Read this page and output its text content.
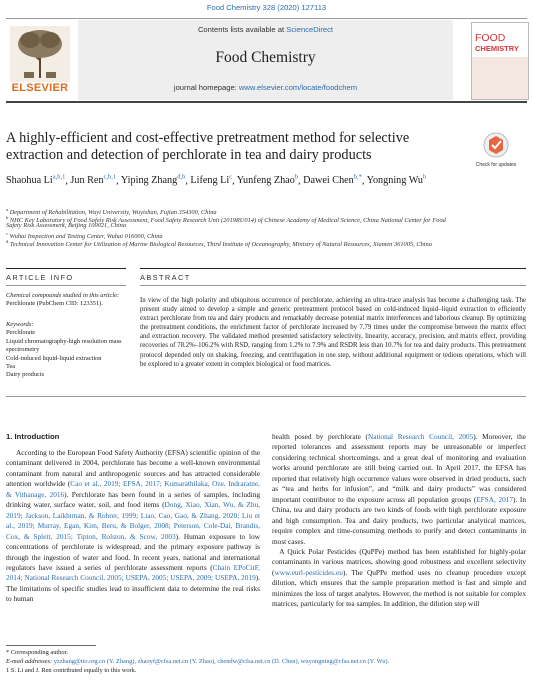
Food Chemistry 328 (2020) 127113
ELSEVIER
Contents lists available at ScienceDirect
Food Chemistry
journal homepage: www.elsevier.com/locate/foodchem
FOOD
CHEMISTRY
A highly-efficient and cost-effective pretreatment method for selective
extraction and detection of perchlorate in tea and dairy products
Check for updates
Shaohua Li$^{a,b,1}$, Jun Ren$^{c,b,1}$, Yiping Zhang$^{d,b}$, Lifeng Li$^c$, Yunfeng Zhao$^b$, Dawei Chen$^{b,*}$, Yongning Wu$^b$
$^a$ Department of Rehabilitation, Wuyi University, Wuyishan, Fujian 354300, China
$^b$ NHC Key Laboratory of Food Safety Risk Assessment, Food Safety Research Unit (2019RU014) of Chinese Academy of Medical Science, China National Center for Food
Safety Risk Assessment, Beijing 100021, China
$^c$ Wuhai Inspection and Testing Center, Wuhai 016000, China
$^d$ Technical Innovation Center for Utilization of Marine Biological Resources, Third Institute of Oceanography, Ministry of Natural Resources, Xiamen 361005, China
ARTICLE INFO
Chemical compounds studied in this article:
Perchlorate (PubChem CID: 123351).
Keywords:
Perchlorate
Liquid chromatography-high resolution mass
spectrometry
Cold-induced liquid-liquid extraction
Tea
Dairy products
ABSTRACT
In view of the high polarity and ubiquitous occurrence of perchlorate, achieving an ultra-trace analysis has become a challenging task. The present study aimed to develop a simple and generic pretreatment protocol based on cold-induced liquid–liquid extraction to efficiently extract perchlorate from tea and dairy products and remarkably decrease potential matrix interferences and laborious cleanup. By optimizing the pretreatment conditions, the enrichment factor of perchlorate increased by 7.79 times under the compromise between the matrix effect and extraction recovery. The validated method presented satisfactory selectivity, linearity, accuracy, precision, and matrix effect, providing recoveries of 78.2%–106.2% with RSD, ranging from 1.2% to 7.9% and RSDR less than 10.7% for tea and dairy products. This pretreatment protocol depended only on shaking, freezing, and centrifugation in one step, without additional equipment or tedious operations, which will be explored to a greater extent in complex biological or food matrices.
1. Introduction
According to the European Food Safety Authority (EFSA) scientific opinion of the contaminant delivered in 2004, perchlorate has become a well-known environmental contaminant from natural and anthropogenic sources and has attracted considerable attention worldwide (Cao et al., 2019; EFSA, 2017; Kumarathilaka, Oze, Indraratne, & Vithanage, 2016). Perchlorate has been found in a series of samples, including drinking water, surface water, soil, and food items (Dong, Xiao, Xian, Wu, & Zhu, 2019; Jackson, Laikhtman, & Rohrer, 1999; Liao, Cao, Gao, & Zhang, 2020; Liu et al., 2019; Murray, Egan, Kim, Beru, & Bolger, 2008; Peterson, Cole-Dai, Brandis, Cox, & Splett, 2015; Tipton, Rolston, & Scow, 2003). Human exposure to low concentrations of perchlorate is widespread, and the primary exposure pathway is through the ingestion of water and food. In recent years, national and international regulators have issued a series of perchlorate assessment reports (Chain EPoCitF, 2014; National Research Council, 2005; USEPA, 2005; USEPA, 2009; USEPA, 2019). The limitations of specific studies lead to insufficient data to determine the real risks to human
health posed by perchlorate (National Research Council, 2005). Moreover, the reported tolerances and assessment reports may be unreasonable or imperfect considering technical shortcomings, and a great deal of monitoring and evaluation works around perchlorate are still being carried out. In April 2017, the EFSA has reported that relatively high occurrence values were observed in dried products, such as “tea and herbs for infusion”, and “milk and dairy products” was considered important contributor to the exposure across all population groups (EFSA, 2017). In China, tea and dairy products are two kinds of foods with high perchlorate exposure and high consumption. Tea and dairy products, two particular analytical matrices, require complex and time-consuming methods to purify and detect contaminants in most cases.
 A Quick Polar Pesticides (QuPPe) method has been established for highly-polar contaminants in various matrices, showing good robustness and excellent selectivity (www.eurl-pesticides.eu). The QuPPe method uses no cleanup procedure except dilution, which ensures that the sample preparation method is fast and simple and minimizes the loss of target analytes. However, the method is not suitable for complex matrices, particularly for tea samples. In addition, the dilution step will
* Corresponding author.
E-mail addresses: yzzhang@tio.org.cn (Y. Zhang), zhaoyf@cfsa.net.cn (Y. Zhao), chendw@cfsa.net.cn (D. Chen), wuyongning@cfsa.net.cn (Y. Wu).
1 S. Li and J. Ren contributed equally to this work.
